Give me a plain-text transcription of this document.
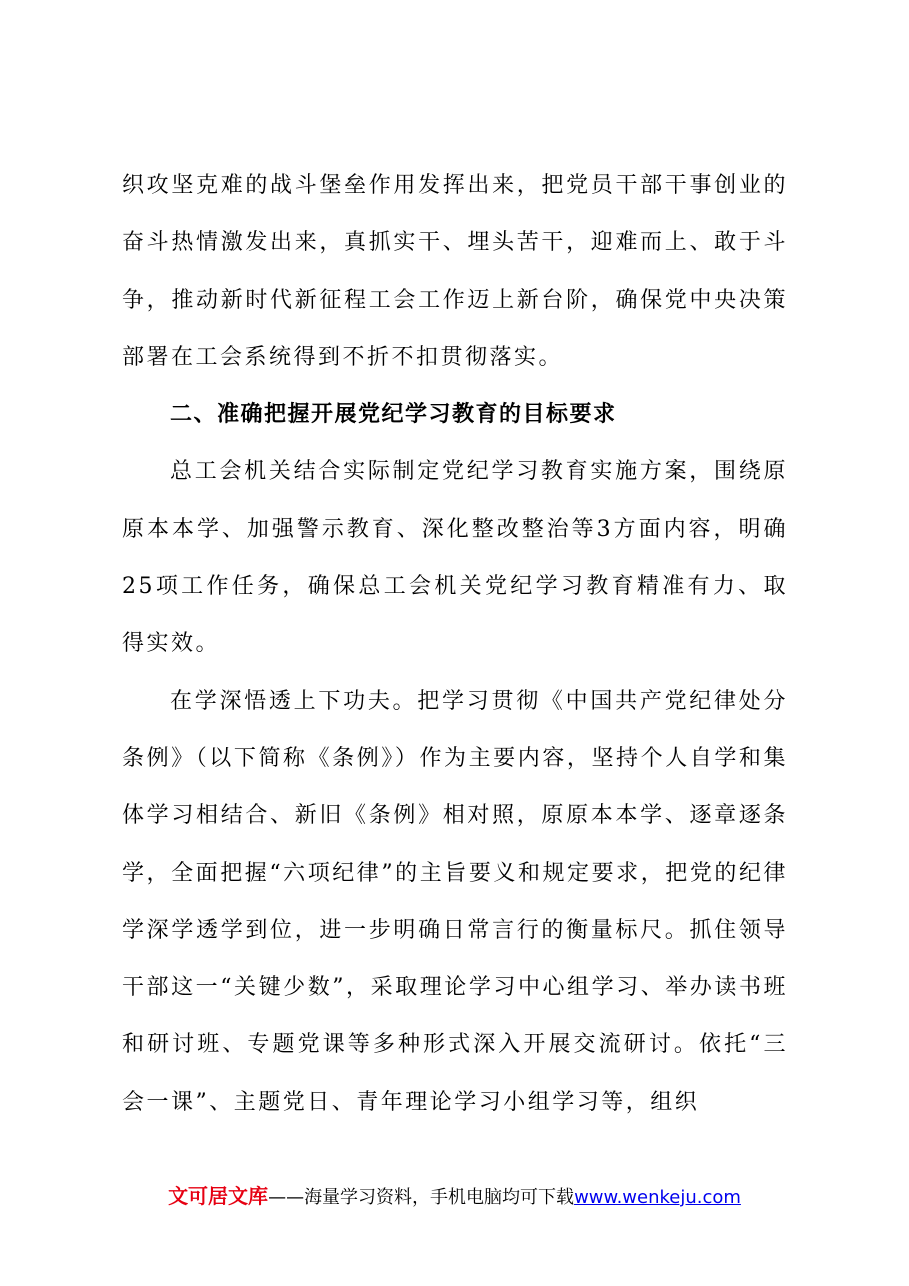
织攻坚克难的战斗堡垒作用发挥出来，把党员干部干事创业的奋斗热情激发出来，真抓实干、埋头苦干，迎难而上、敢于斗争，推动新时代新征程工会工作迈上新台阶，确保党中央决策部署在工会系统得到不折不扣贯彻落实。

二、准确把握开展党纪学习教育的目标要求

总工会机关结合实际制定党纪学习教育实施方案，围绕原原本本学、加强警示教育、深化整改整治等3方面内容，明确25项工作任务，确保总工会机关党纪学习教育精准有力、取得实效。

在学深悟透上下功夫。把学习贯彻《中国共产党纪律处分条例》（以下简称《条例》）作为主要内容，坚持个人自学和集体学习相结合、新旧《条例》相对照，原原本本学、逐章逐条学，全面把握“六项纪律”的主旨要义和规定要求，把党的纪律学深学透学到位，进一步明确日常言行的衡量标尺。抓住领导干部这一“关键少数”，采取理论学习中心组学习、举办读书班和研讨班、专题党课等多种形式深入开展交流研讨。依托“三会一课”、主题党日、青年理论学习小组学习等，组织

文可居文库——海量学习资料，手机电脑均可下载www.wenkeju.com
